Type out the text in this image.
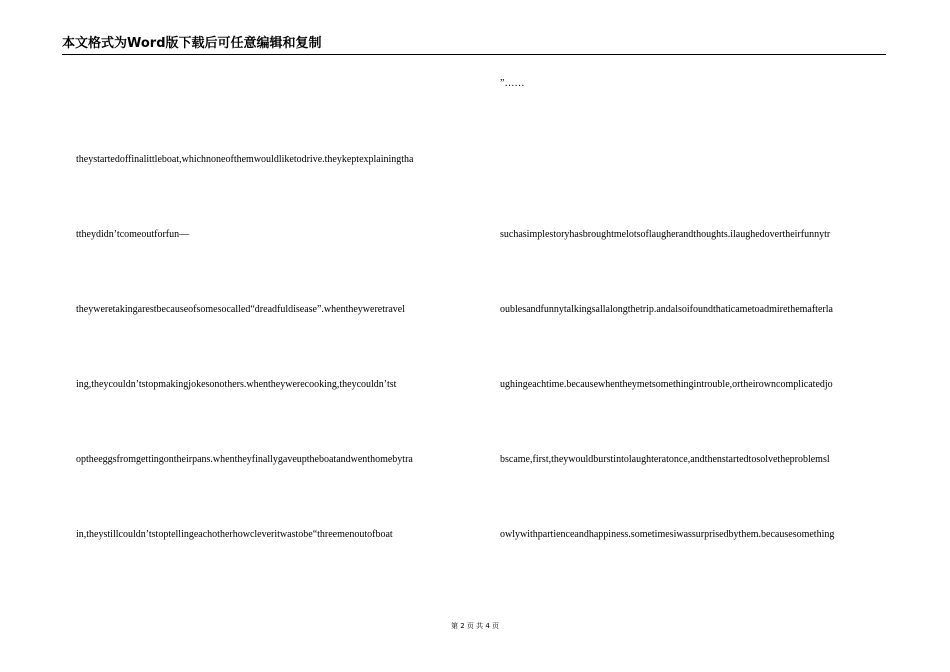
本文格式为Word版下载后可任意编辑和复制
theystartedoffinalittleboat,whichnoneofthemwouldliketodrive.theykeptexplainingtha
ttheydidn’tcomeoutforfun—
theyweretakingarestbecauseofsomesocalled“dreadfuldisease”.whentheyweretravel
ing,theycouldn’tstopmakingjokesonothers.whentheywerecooking,theycouldn’tst
optheeggsfromgettingontheirpans.whentheyfinallygaveuptheboatandwenthomebytra
in,theystillcouldn’tstoptellingeachotherhowcleveritwastobe“threemenoutofboat
”……
suchasimplestoryhasbroughtmelotsoflaugherandthoughts.ilaughedovertheirfunnytr
oublesandfunnytalkingsallalongthetrip.andalsoifoundthaticametoadmirethemafterla
ughingeachtime.becausewhentheymetsomethingintrouble,ortheirowncomplicatedjo
bscame,first,theywouldburstintolaughteratonce,andthenstartedtosolvetheproblemsl
owlywithpartienceandhappiness.sometimesiwassurprisedbythem.becausesomething
第 2 页 共 4 页
